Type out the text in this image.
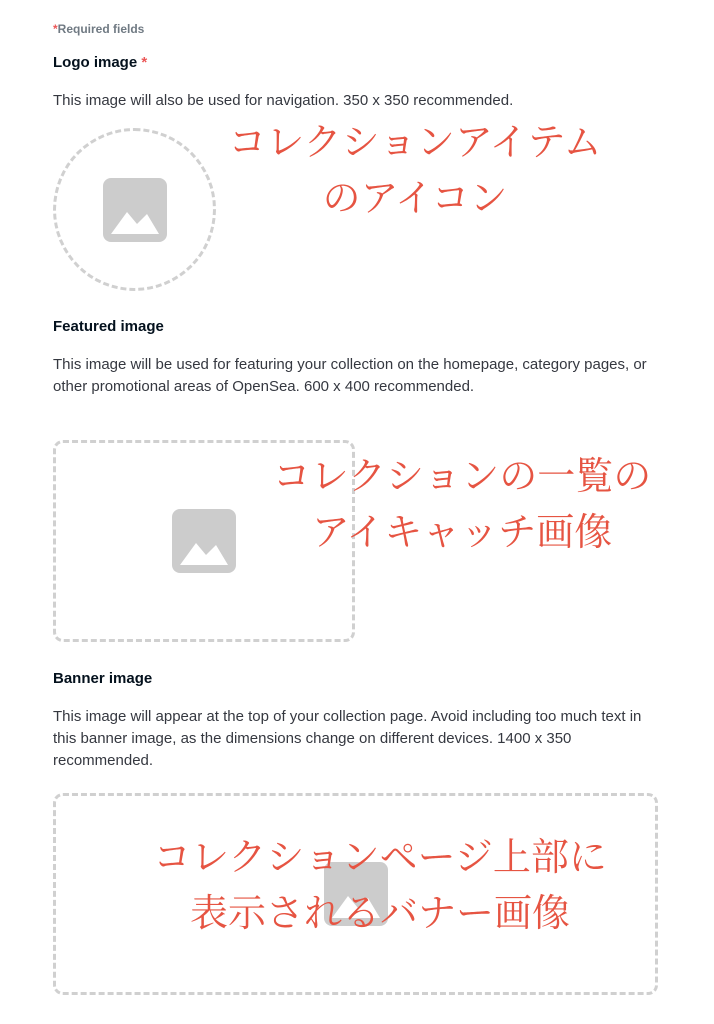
*Required fields
Logo image *
This image will also be used for navigation. 350 x 350 recommended.
Featured image
This image will be used for featuring your collection on the homepage, category pages, or other promotional areas of OpenSea. 600 x 400 recommended.
Banner image
This image will appear at the top of your collection page. Avoid including too much text in this banner image, as the dimensions change on different devices. 1400 x 350 recommended.
コレクションアイテム
のアイコン
コレクションの一覧の
アイキャッチ画像
コレクションページ上部に
表示されるバナー画像
